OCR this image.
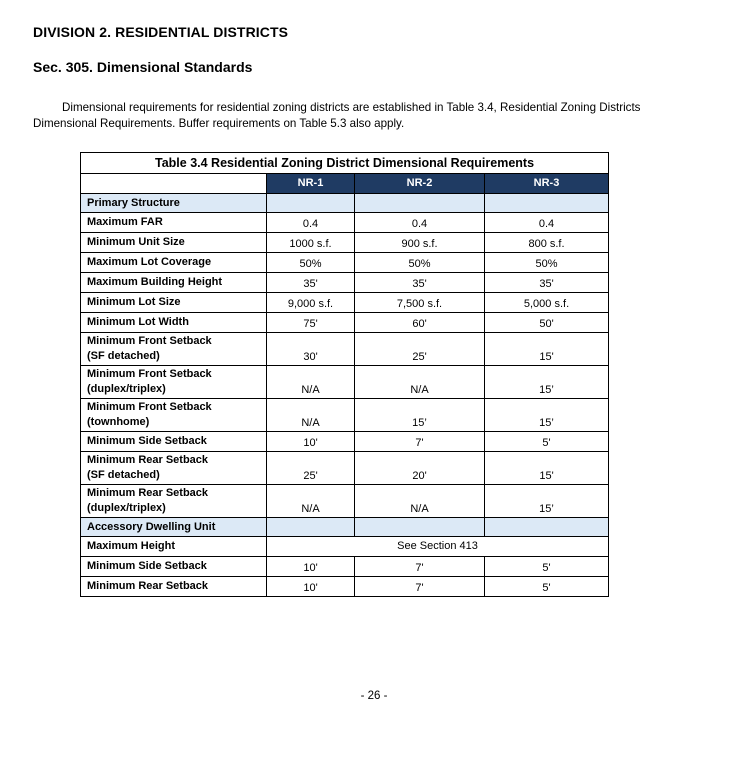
DIVISION 2. RESIDENTIAL DISTRICTS
Sec. 305. Dimensional Standards

Dimensional requirements for residential zoning districts are established in Table 3.4, Residential Zoning Districts Dimensional Requirements. Buffer requirements on Table 5.3 also apply.

Table 3.4 Residential Zoning District Dimensional Requirements			
	NR-1	NR-2	NR-3
Primary Structure			

Maximum FAR	0.4	0.4	0.4

Minimum Unit Size	1000 s.f.	900 s.f.	800 s.f.

Maximum Lot Coverage	50%	50%	50%

Maximum Building Height	35'	35'	35'

Minimum Lot Size	9,000 s.f.	7,500 s.f.	5,000 s.f.

Minimum Lot Width	75'	60'	50'

Minimum Front Setback
(SF detached)	30'	25'	15'

Minimum Front Setback
(duplex/triplex)	N/A	N/A	15’

Minimum Front Setback
(townhome)	N/A	15’	15’

Minimum Side Setback	10'	7'	5'

Minimum Rear Setback
(SF detached)	25'	20'	15'

Minimum Rear Setback
(duplex/triplex)	N/A	N/A	15’
Accessory Dwelling Unit			

Maximum Height	See Section 413		

Minimum Side Setback	10'	7'	5'

Minimum Rear Setback	10'	7'	5'
- 26 -
